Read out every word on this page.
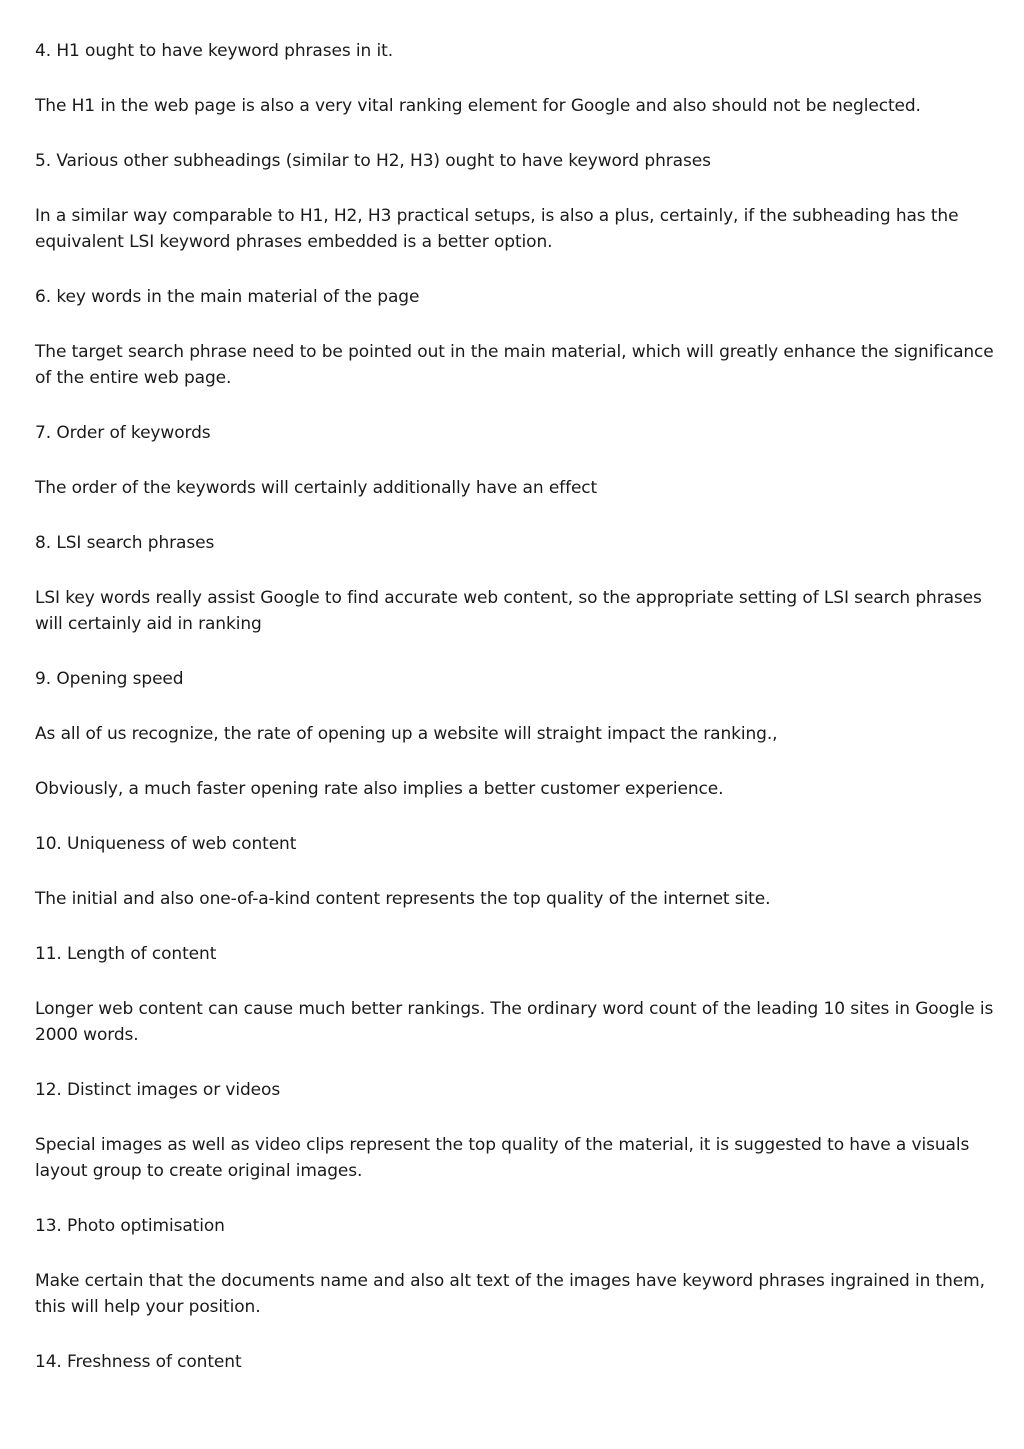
4. H1 ought to have keyword phrases in it.

The H1 in the web page is also a very vital ranking element for Google and also should not be neglected.

5. Various other subheadings (similar to H2, H3) ought to have keyword phrases

In a similar way comparable to H1, H2, H3 practical setups, is also a plus, certainly, if the subheading has the equivalent LSI keyword phrases embedded is a better option.

6. key words in the main material of the page

The target search phrase need to be pointed out in the main material, which will greatly enhance the significance of the entire web page.

7. Order of keywords

The order of the keywords will certainly additionally have an effect

8. LSI search phrases

LSI key words really assist Google to find accurate web content, so the appropriate setting of LSI search phrases will certainly aid in ranking

9. Opening speed

As all of us recognize, the rate of opening up a website will straight impact the ranking.,

Obviously, a much faster opening rate also implies a better customer experience.

10. Uniqueness of web content

The initial and also one-of-a-kind content represents the top quality of the internet site.

11. Length of content

Longer web content can cause much better rankings. The ordinary word count of the leading 10 sites in Google is 2000 words.

12. Distinct images or videos

Special images as well as video clips represent the top quality of the material, it is suggested to have a visuals layout group to create original images.

13. Photo optimisation

Make certain that the documents name and also alt text of the images have keyword phrases ingrained in them, this will help your position.

14. Freshness of content
